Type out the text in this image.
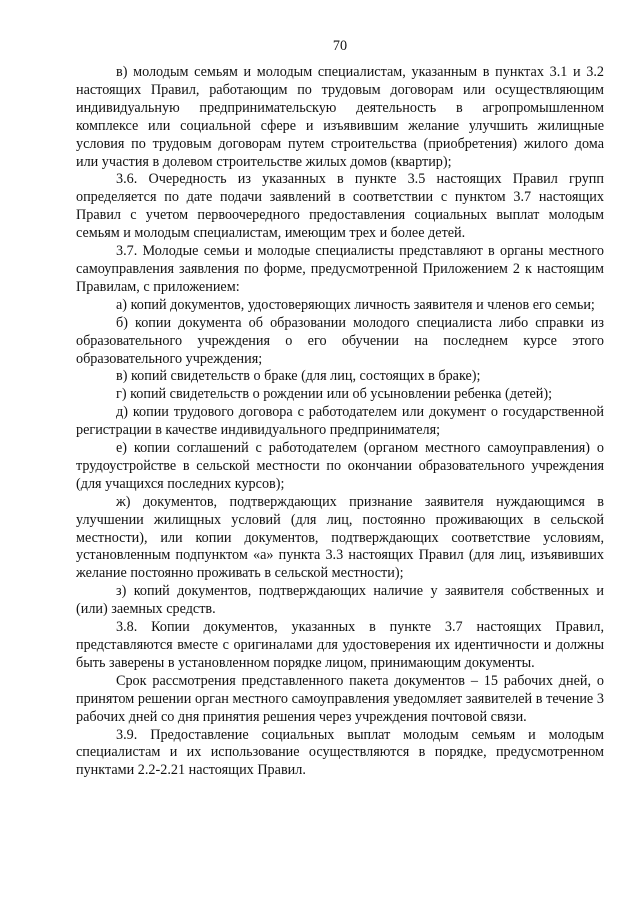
70

в) молодым семьям и молодым специалистам, указанным в пунктах 3.1 и 3.2 настоящих Правил, работающим по трудовым договорам или осуществляющим индивидуальную предпринимательскую деятельность в агропромышленном комплексе или социальной сфере и изъявившим желание улучшить жилищные условия по трудовым договорам путем строительства (приобретения) жилого дома или участия в долевом строительстве жилых домов (квартир);

3.6. Очередность из указанных в пункте 3.5 настоящих Правил групп определяется по дате подачи заявлений в соответствии с пунктом 3.7 настоящих Правил с учетом первоочередного предоставления социальных выплат молодым семьям и молодым специалистам, имеющим трех и более детей.

3.7. Молодые семьи и молодые специалисты представляют в органы местного самоуправления заявления по форме, предусмотренной Приложением 2 к настоящим Правилам, с приложением:

а) копий документов, удостоверяющих личность заявителя и членов его семьи;

б) копии документа об образовании молодого специалиста либо справки из образовательного учреждения о его обучении на последнем курсе этого образовательного учреждения;

в) копий свидетельств о браке (для лиц, состоящих в браке);

г) копий свидетельств о рождении или об усыновлении ребенка (детей);

д) копии трудового договора с работодателем или документ о государственной регистрации в качестве индивидуального предпринимателя;

е) копии соглашений с работодателем (органом местного самоуправления) о трудоустройстве в сельской местности по окончании образовательного учреждения (для учащихся последних курсов);

ж) документов, подтверждающих признание заявителя нуждающимся в улучшении жилищных условий (для лиц, постоянно проживающих в сельской местности), или копии документов, подтверждающих соответствие условиям, установленным подпунктом «а» пункта 3.3 настоящих Правил (для лиц, изъявивших желание постоянно проживать в сельской местности);

з) копий документов, подтверждающих наличие у заявителя собственных и (или) заемных средств.

3.8. Копии документов, указанных в пункте 3.7 настоящих Правил, представляются вместе с оригиналами для удостоверения их идентичности и должны быть заверены в установленном порядке лицом, принимающим документы.

Срок рассмотрения представленного пакета документов – 15 рабочих дней, о принятом решении орган местного самоуправления уведомляет заявителей в течение 3 рабочих дней со дня принятия решения через учреждения почтовой связи.

3.9. Предоставление социальных выплат молодым семьям и молодым специалистам и их использование осуществляются в порядке, предусмотренном пунктами 2.2-2.21 настоящих Правил.
